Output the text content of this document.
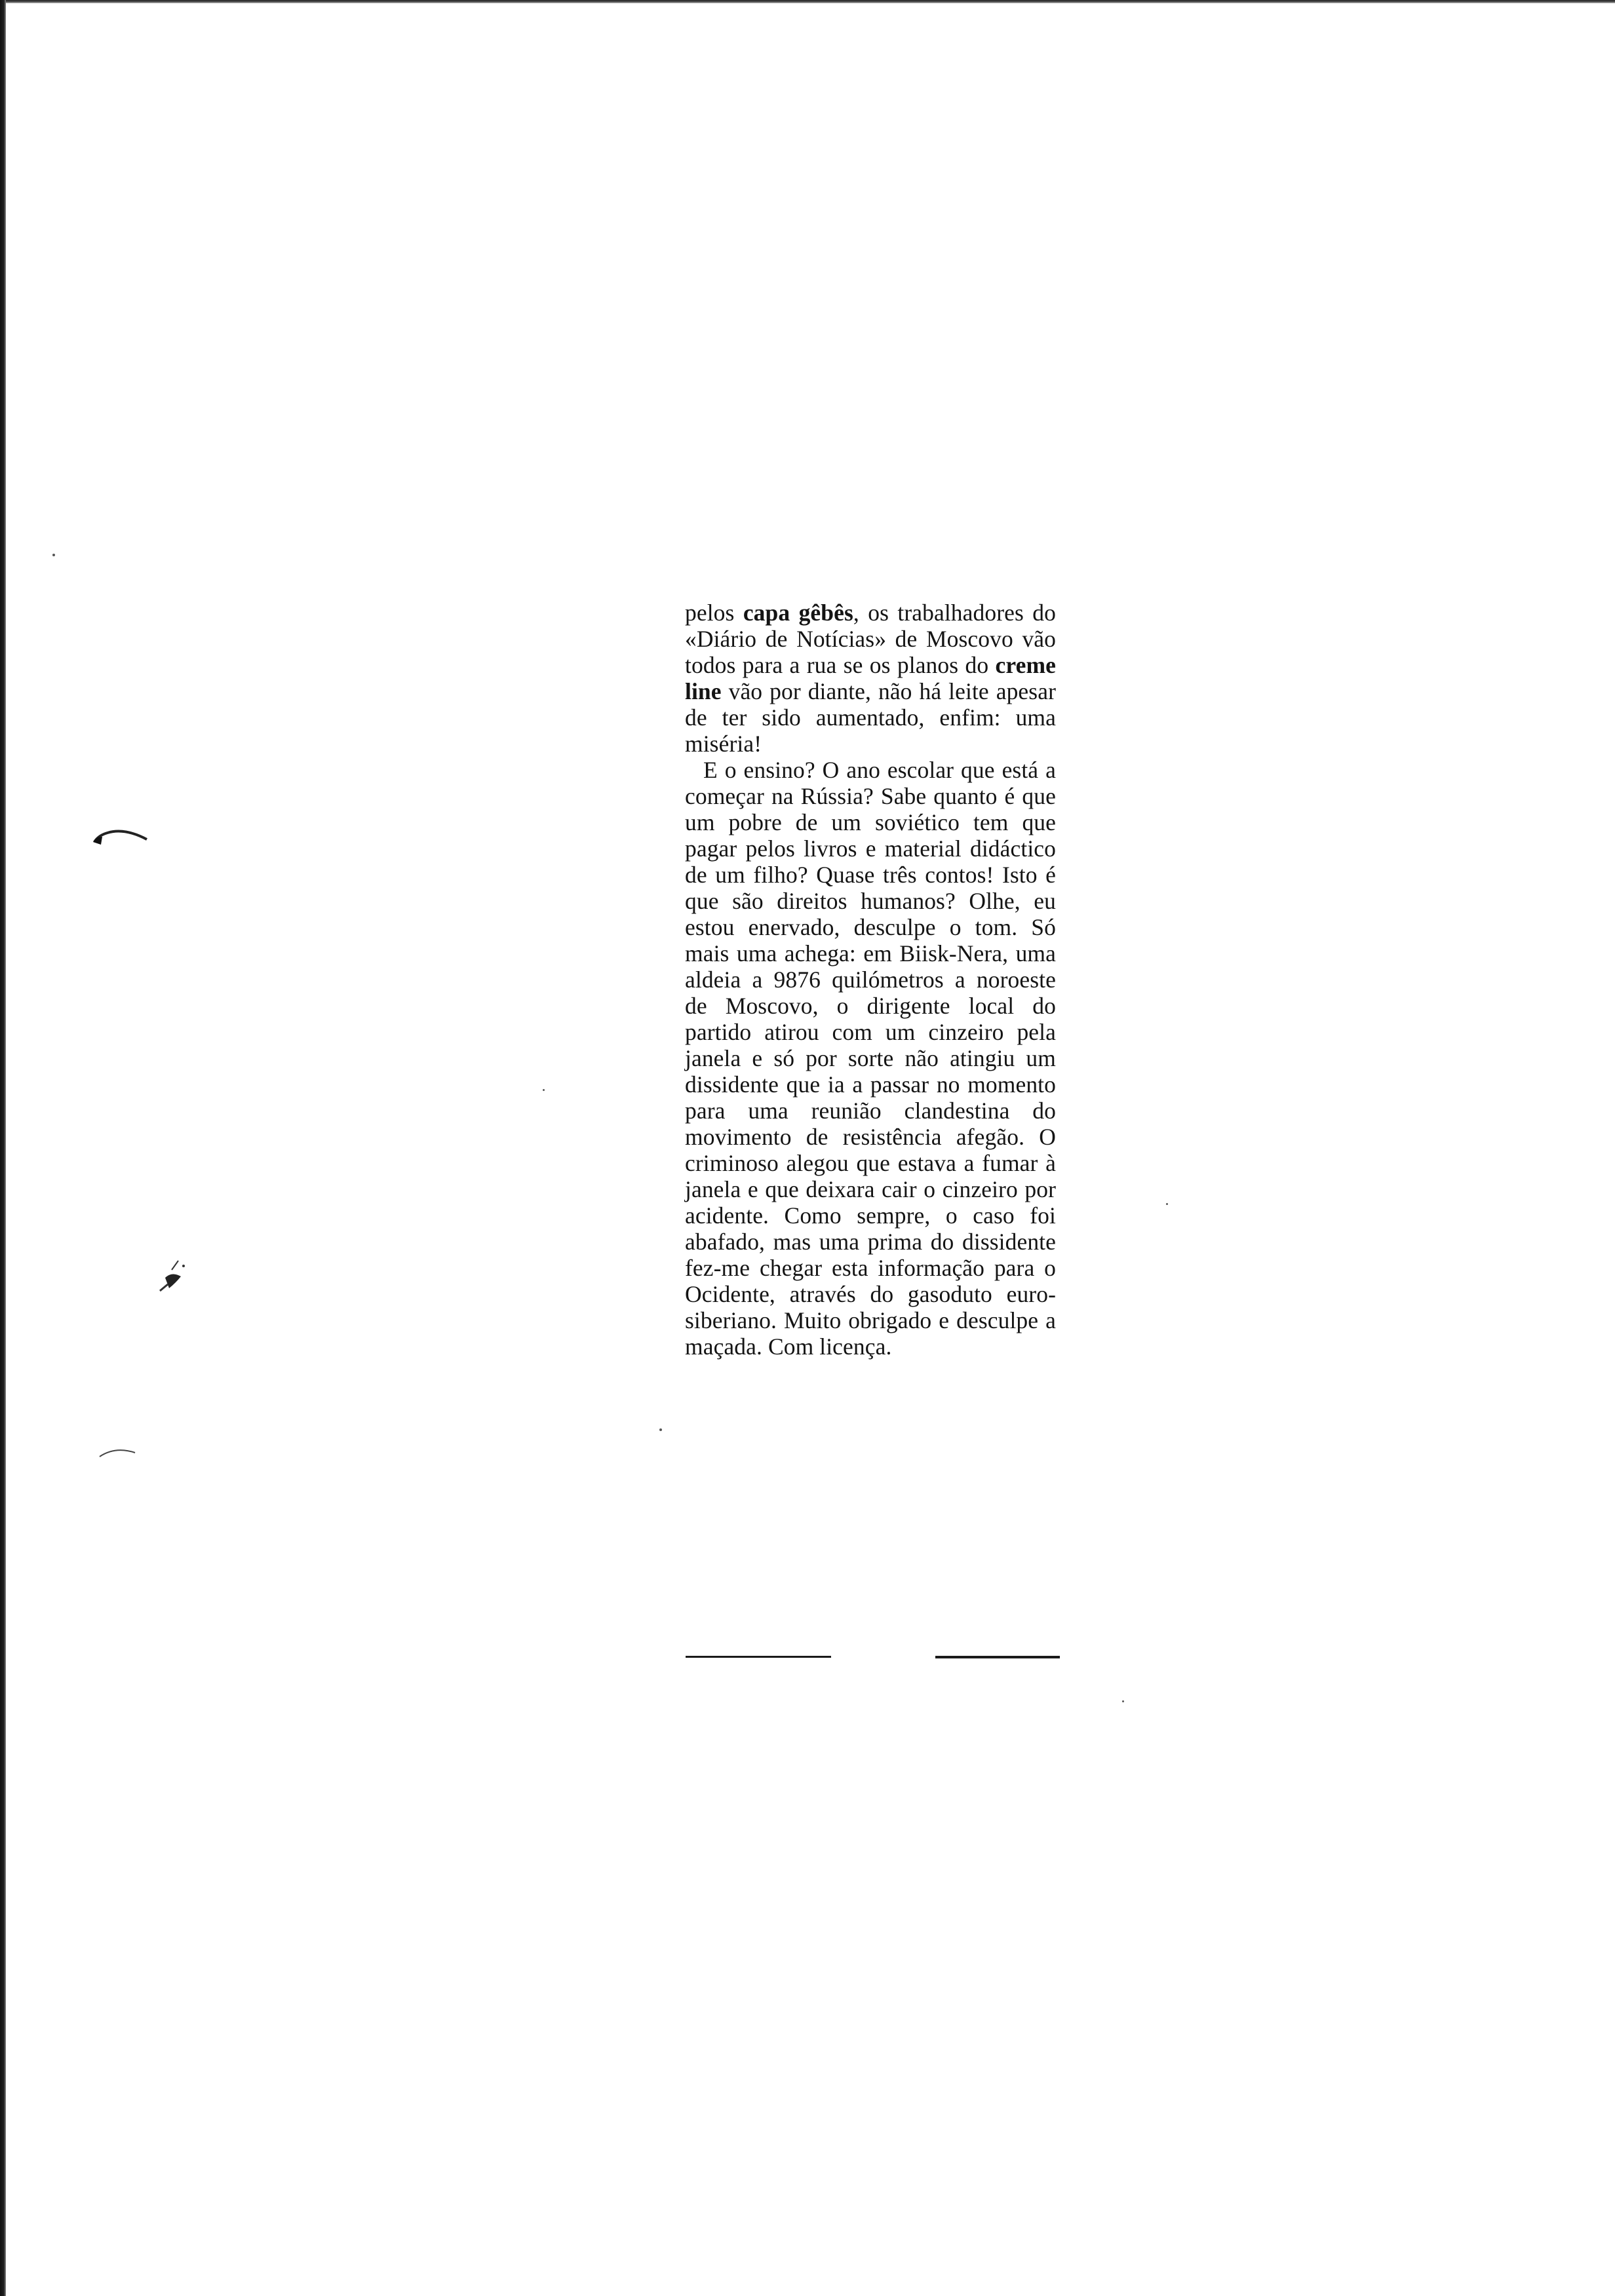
pelos capa gêbês, os trabalhadores do «Diário de Notícias» de Moscovo vão todos para a rua se os planos do creme line vão por diante, não há leite apesar de ter sido aumentado, enfim: uma miséria!

E o ensino? O ano escolar que está a começar na Rússia? Sabe quanto é que um pobre de um soviético tem que pagar pelos livros e material didáctico de um filho? Quase três contos! Isto é que são direitos humanos? Olhe, eu estou enervado, desculpe o tom. Só mais uma achega: em Biisk-Nera, uma aldeia a 9876 quilómetros a noroeste de Moscovo, o dirigente local do partido atirou com um cinzeiro pela janela e só por sorte não atingiu um dissidente que ia a passar no momento para uma reunião clandestina do movimento de resistência afegão. O criminoso alegou que estava a fumar à janela e que deixara cair o cinzeiro por acidente. Como sempre, o caso foi abafado, mas uma prima do dissidente fez-me chegar esta informação para o Ocidente, através do gasoduto euro-siberiano. Muito obrigado e desculpe a maçada. Com licença.
